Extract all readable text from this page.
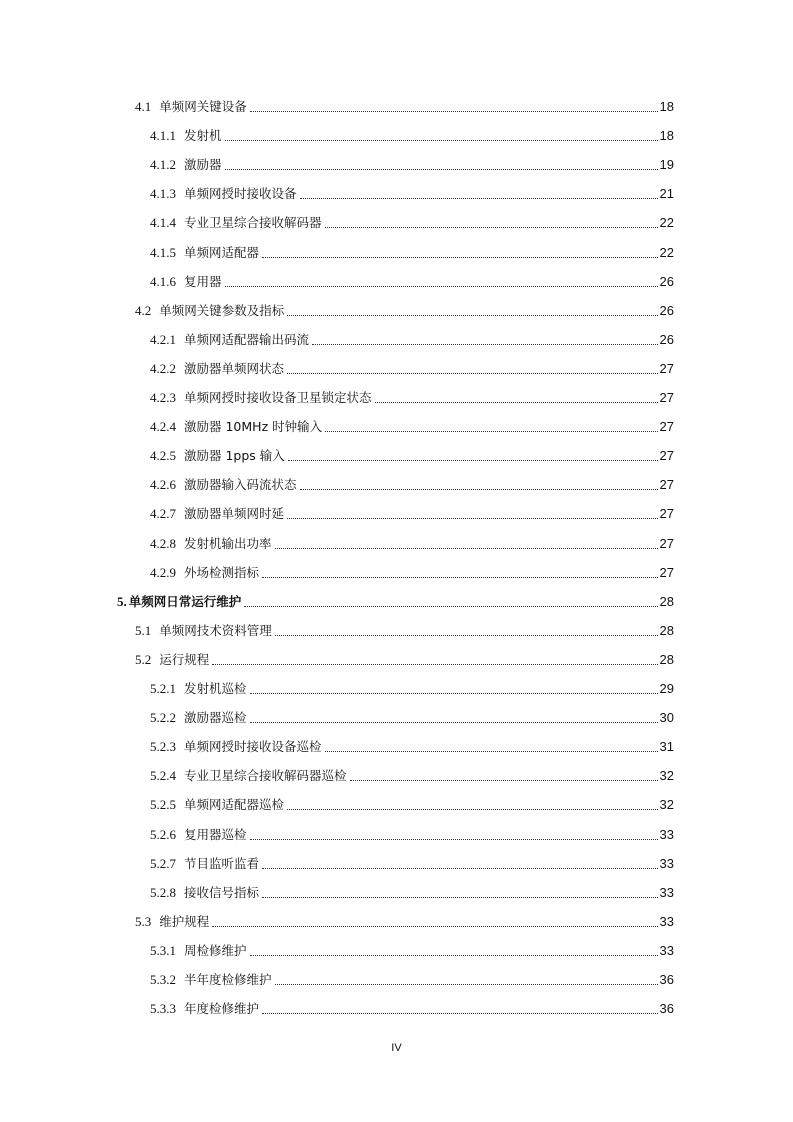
4.1 单频网关键设备	18
4.1.1 发射机	18
4.1.2 激励器	19
4.1.3 单频网授时接收设备	21
4.1.4 专业卫星综合接收解码器	22
4.1.5 单频网适配器	22
4.1.6 复用器	26
4.2 单频网关键参数及指标	26
4.2.1 单频网适配器输出码流	26
4.2.2 激励器单频网状态	27
4.2.3 单频网授时接收设备卫星锁定状态	27
4.2.4 激励器 10MHz 时钟输入	27
4.2.5 激励器 1pps 输入	27
4.2.6 激励器输入码流状态	27
4.2.7 激励器单频网时延	27
4.2.8 发射机输出功率	27
4.2.9 外场检测指标	27
5. 单频网日常运行维护	28
5.1 单频网技术资料管理	28
5.2 运行规程	28
5.2.1 发射机巡检	29
5.2.2 激励器巡检	30
5.2.3 单频网授时接收设备巡检	31
5.2.4 专业卫星综合接收解码器巡检	32
5.2.5 单频网适配器巡检	32
5.2.6 复用器巡检	33
5.2.7 节目监听监看	33
5.2.8 接收信号指标	33
5.3 维护规程	33
5.3.1 周检修维护	33
5.3.2 半年度检修维护	36
5.3.3 年度检修维护	36
IV
